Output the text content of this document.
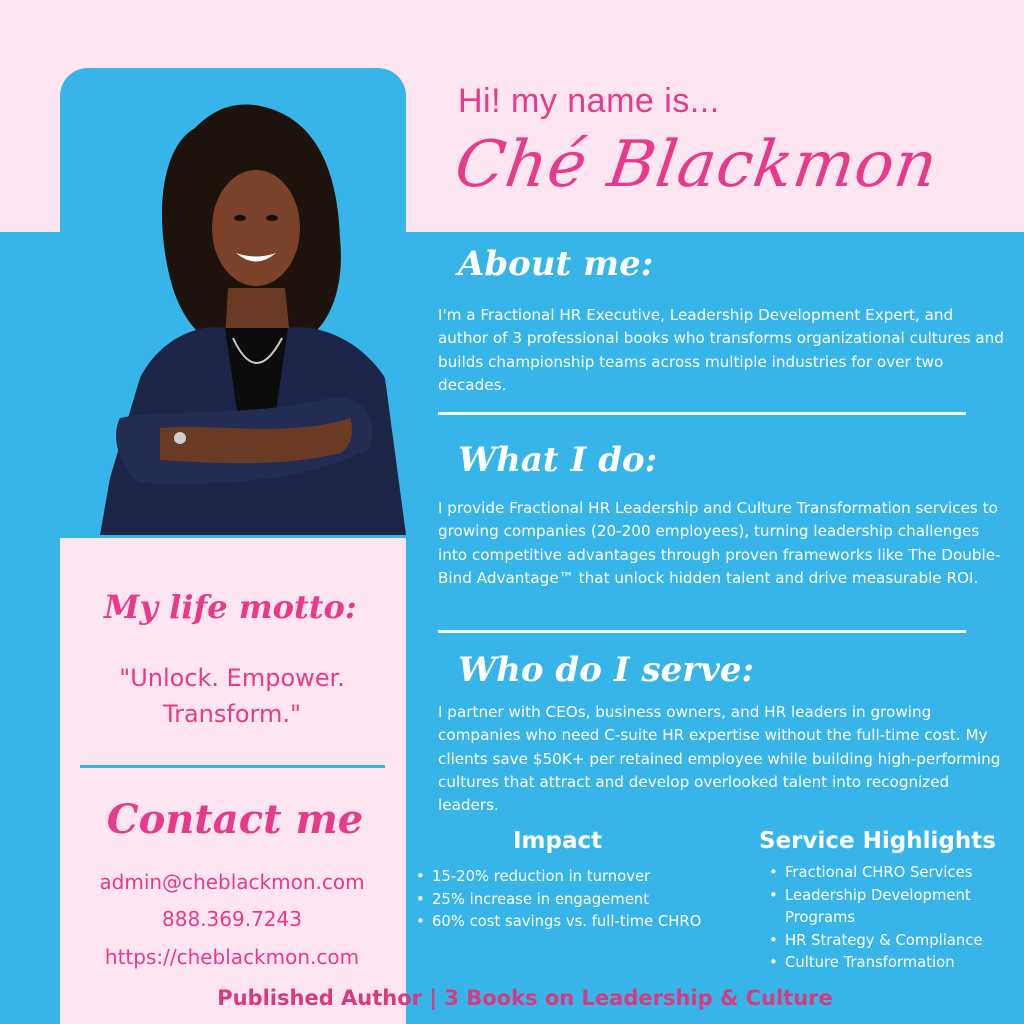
Hi! my name is...
Ché Blackmon
About me:
I'm a Fractional HR Executive, Leadership Development Expert, and author of 3 professional books who transforms organizational cultures and builds championship teams across multiple industries for over two decades.
What I do:
I provide Fractional HR Leadership and Culture Transformation services to growing companies (20-200 employees), turning leadership challenges into competitive advantages through proven frameworks like The Double-Bind Advantage™ that unlock hidden talent and drive measurable ROI.
Who do I serve:
I partner with CEOs, business owners, and HR leaders in growing companies who need C-suite HR expertise without the full-time cost. My clients save $50K+ per retained employee while building high-performing cultures that attract and develop overlooked talent into recognized leaders.
My life motto:
"Unlock. Empower.
Transform."
Contact me
admin@cheblackmon.com
888.369.7243
https://cheblackmon.com
Impact
• 15-20% reduction in turnover
• 25% increase in engagement
• 60% cost savings vs. full-time CHRO
Service Highlights
• Fractional CHRO Services
• Leadership Development Programs
• HR Strategy & Compliance
• Culture Transformation
Published Author | 3 Books on Leadership & Culture
